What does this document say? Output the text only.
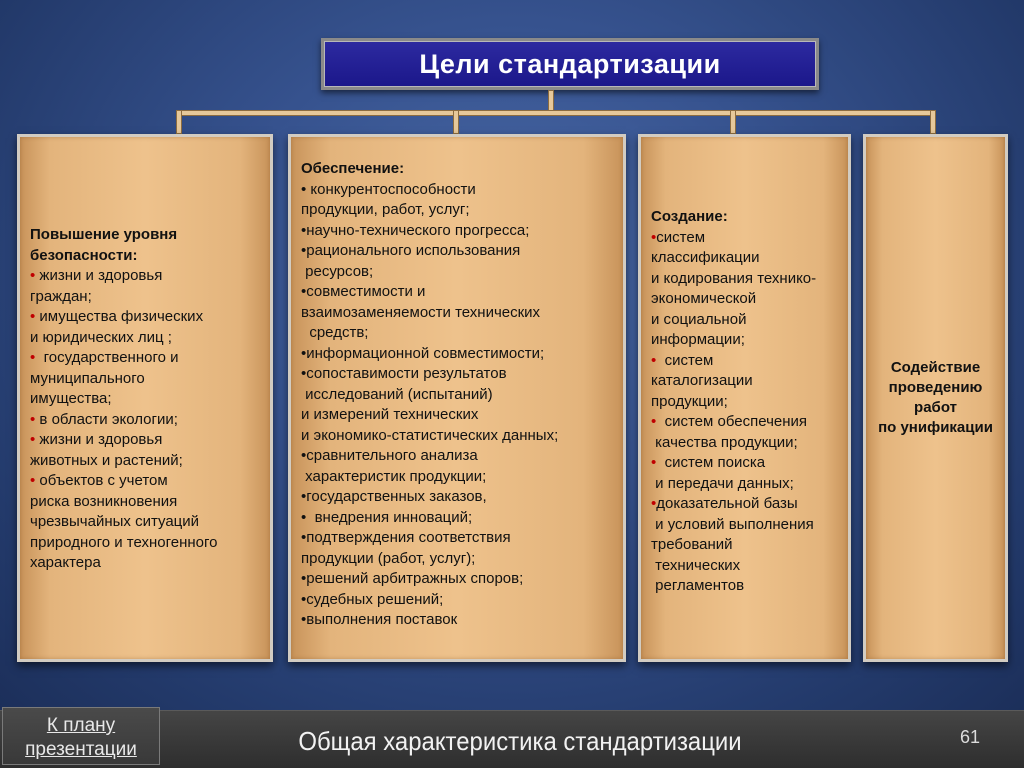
Цели стандартизации

Повышение уровня

безопасности:

• жизни и здоровья

граждан;

• имущества физических

и юридических лиц ;

•  государственного и

муниципального

имущества;

• в области экологии;

• жизни и здоровья

животных и растений;

• объектов с учетом

риска возникновения

чрезвычайных ситуаций

природного и техногенного

характера

Обеспечение:

• конкурентоспособности

продукции, работ, услуг;

•научно-технического прогресса;

•рационального использования

ресурсов;

•совместимости и

взаимозаменяемости технических

средств;

•информационной совместимости;

•сопоставимости результатов

исследований (испытаний)

и измерений технических

и экономико-статистических данных;

•сравнительного анализа

характеристик продукции;

•государственных заказов,

•  внедрения инноваций;

•подтверждения соответствия

продукции (работ, услуг);

•решений арбитражных споров;

•судебных решений;

•выполнения поставок

Создание:

•систем

классификации

и кодирования технико-

экономической

и социальной

информации;

•  систем

каталогизации

продукции;

•  систем обеспечения

качества продукции;

•  систем поиска

и передачи данных;

•доказательной базы

и условий выполнения

требований

технических

регламентов

Содействие
проведению
работ
по унификации
К плану
презентации	Общая характеристика стандартизации	61
